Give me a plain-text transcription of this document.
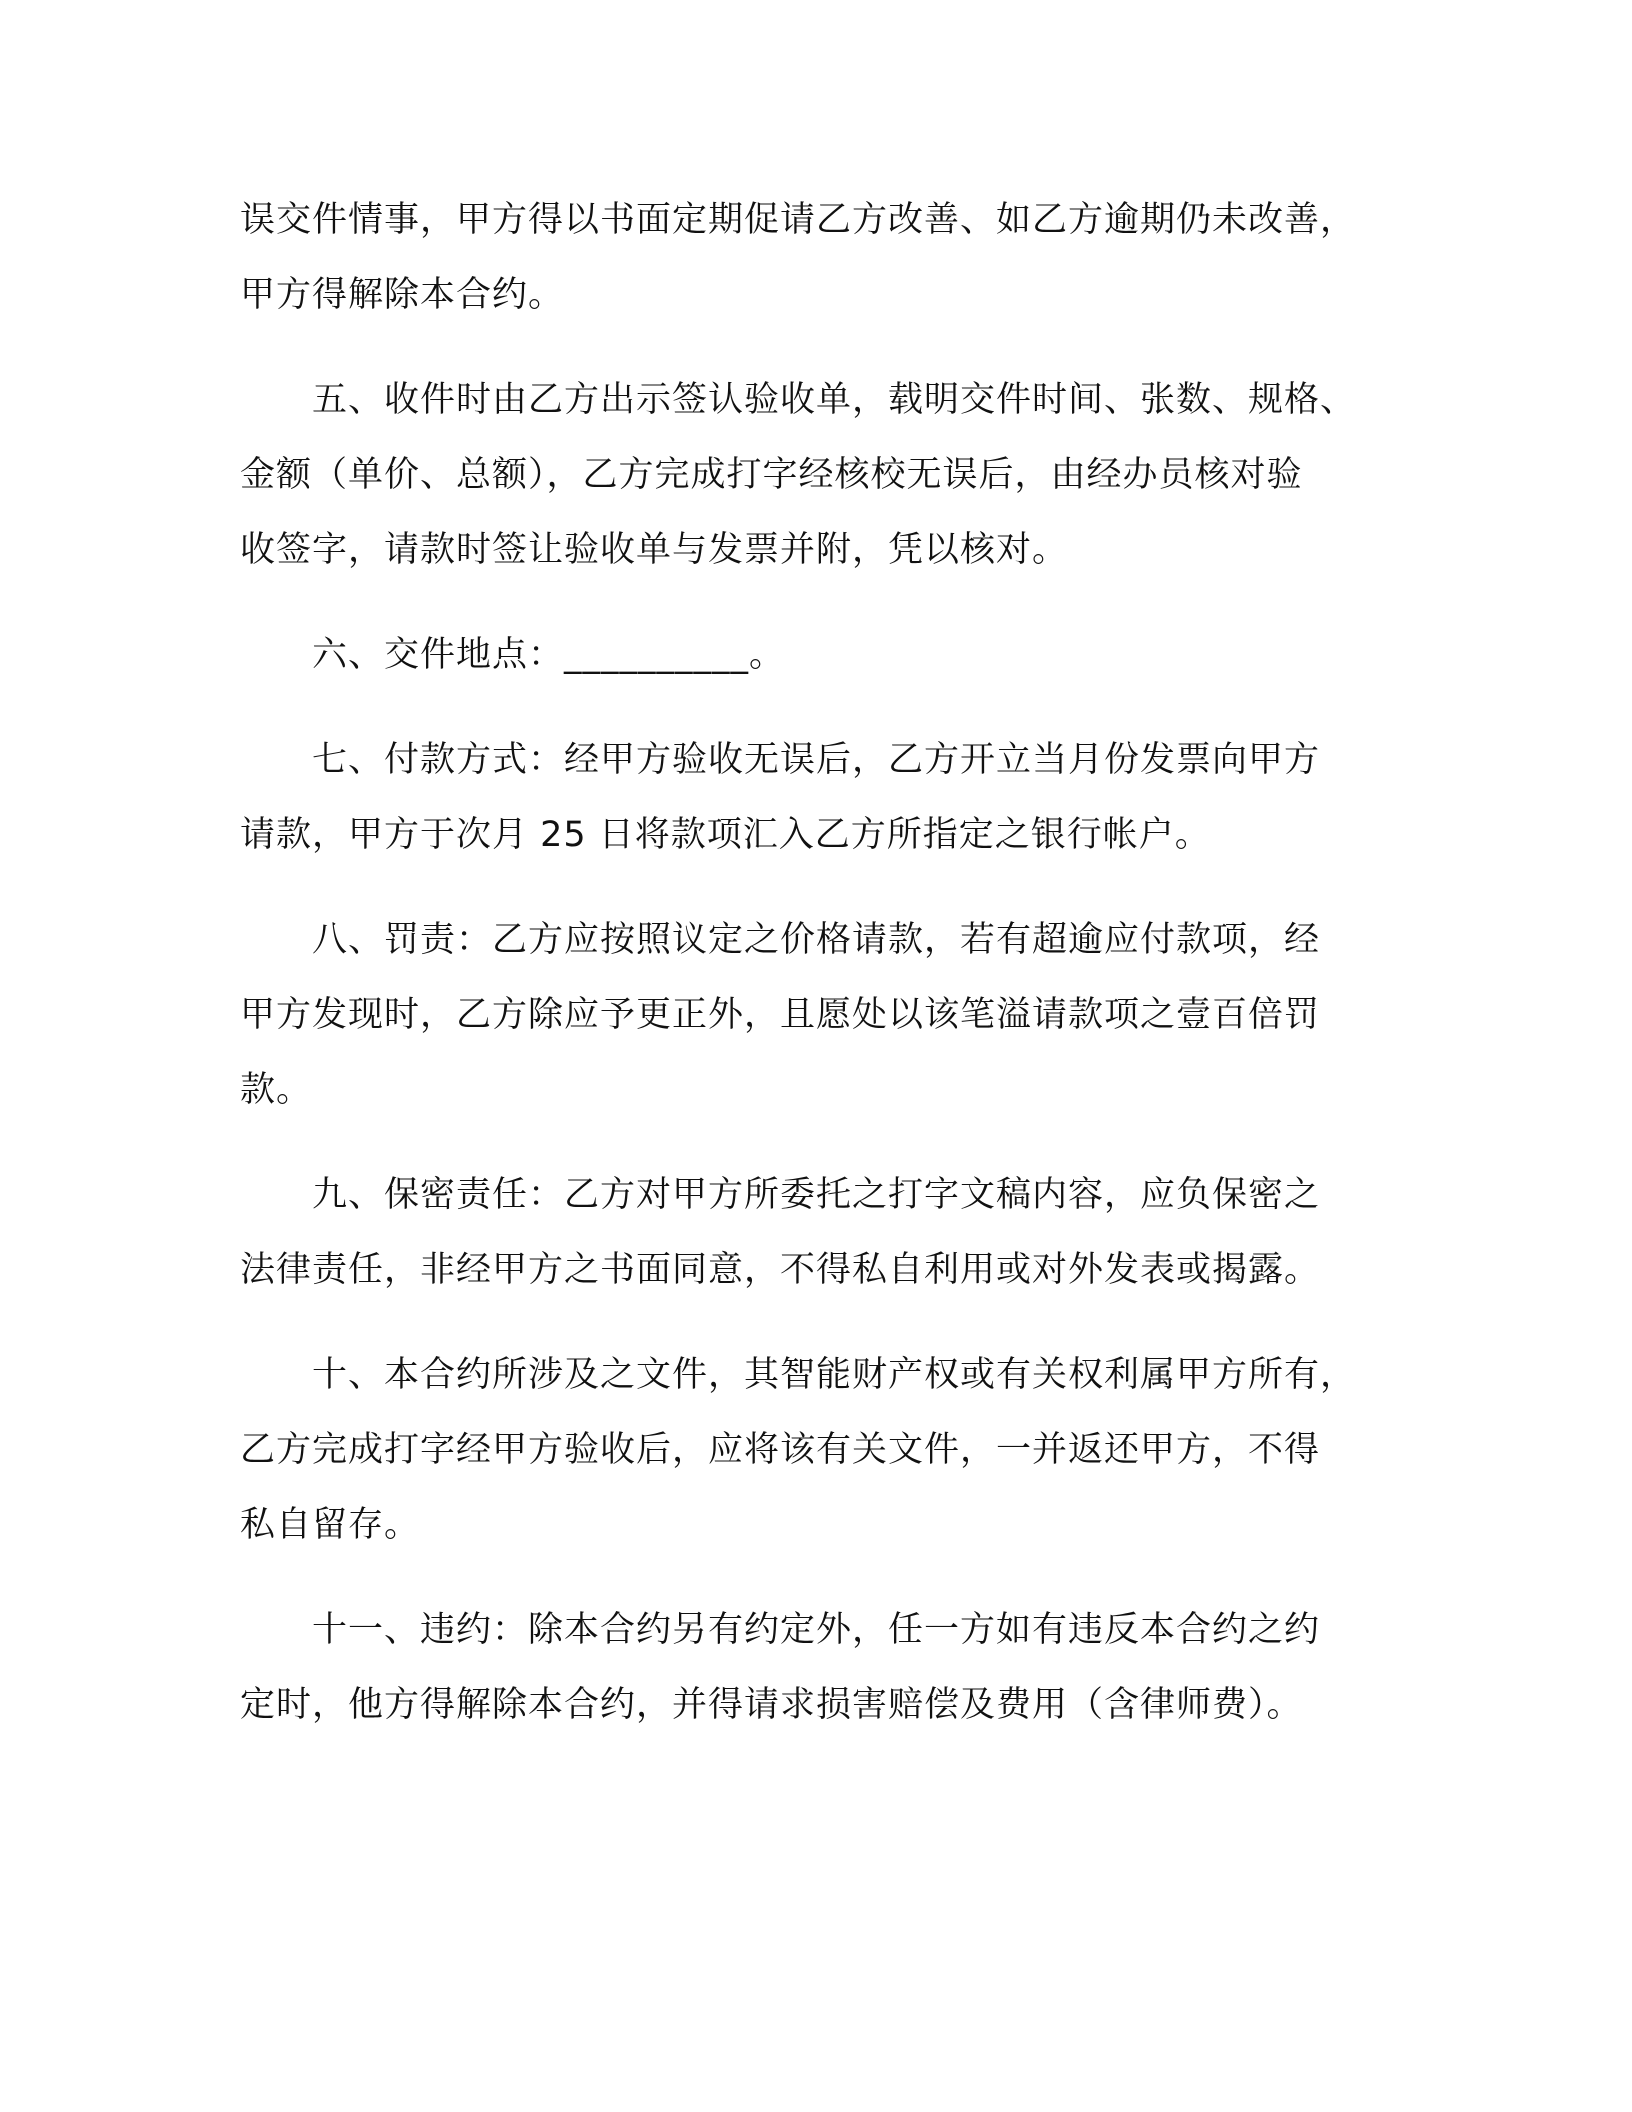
误交件情事，甲方得以书面定期促请乙方改善、如乙方逾期仍未改善，
甲方得解除本合约。
　　五、收件时由乙方出示签认验收单，载明交件时间、张数、规格、
金额（单价、总额），乙方完成打字经核校无误后，由经办员核对验
收签字，请款时签让验收单与发票并附，凭以核对。
　　六、交件地点：__________。
　　七、付款方式：经甲方验收无误后，乙方开立当月份发票向甲方
请款，甲方于次月 25 日将款项汇入乙方所指定之银行帐户。
　　八、罚责：乙方应按照议定之价格请款，若有超逾应付款项，经
甲方发现时，乙方除应予更正外，且愿处以该笔溢请款项之壹百倍罚
款。
　　九、保密责任：乙方对甲方所委托之打字文稿内容，应负保密之
法律责任，非经甲方之书面同意，不得私自利用或对外发表或揭露。
　　十、本合约所涉及之文件，其智能财产权或有关权利属甲方所有，
乙方完成打字经甲方验收后，应将该有关文件，一并返还甲方，不得
私自留存。
　　十一、违约：除本合约另有约定外，任一方如有违反本合约之约
定时，他方得解除本合约，并得请求损害赔偿及费用（含律师费）。
